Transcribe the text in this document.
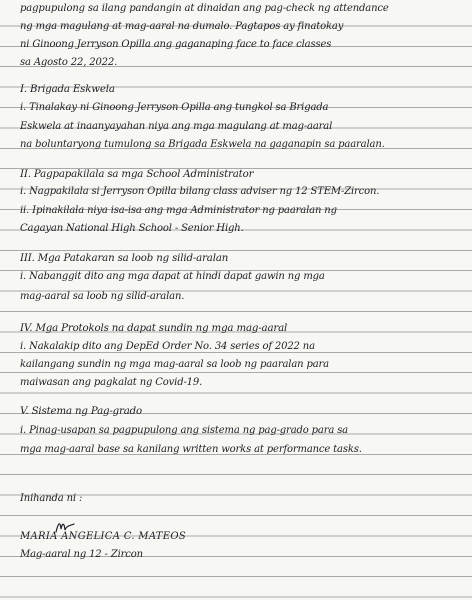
pagpupulong sa ilang pandangin at dinaidan ang pag-check ng attendance
ng mga magulang at mag-aaral na dumalo. Pagtapos ay finatokay
ni Ginoong Jerryson Opilla ang gaganaping face to face classes
sa Agosto 22, 2022.
I. Brigada Eskwela
i. Tinalakay ni Ginoong Jerryson Opilla ang tungkol sa Brigada
Eskwela at inaanyayahan niya ang mga magulang at mag-aaral
na boluntaryong tumulong sa Brigada Eskwela na gaganapin sa paaralan.
II. Pagpapakilala sa mga School Administrator
i. Nagpakilala si Jerryson Opilla bilang class adviser ng 12 STEM-Zircon.
ii. Ipinakilala niya isa-isa ang mga Administrator ng paaralan ng
Cagayan National High School - Senior High.
III. Mga Patakaran sa loob ng silid-aralan
i. Nabanggit dito ang mga dapat at hindi dapat gawin ng mga
mag-aaral sa loob ng silid-aralan.
IV. Mga Protokols na dapat sundin ng mga mag-aaral
i. Nakalakip dito ang DepEd Order No. 34 series of 2022 na
kailangang sundin ng mga mag-aaral sa loob ng paaralan para
maiwasan ang pagkalat ng Covid-19.
V. Sistema ng Pag-grado
i. Pinag-usapan sa pagpupulong ang sistema ng pag-grado para sa
mga mag-aaral base sa kanilang written works at performance tasks.
Inihanda ni :
MARIA ANGELICA C. MATEOS
Mag-aaral ng 12 - Zircon
